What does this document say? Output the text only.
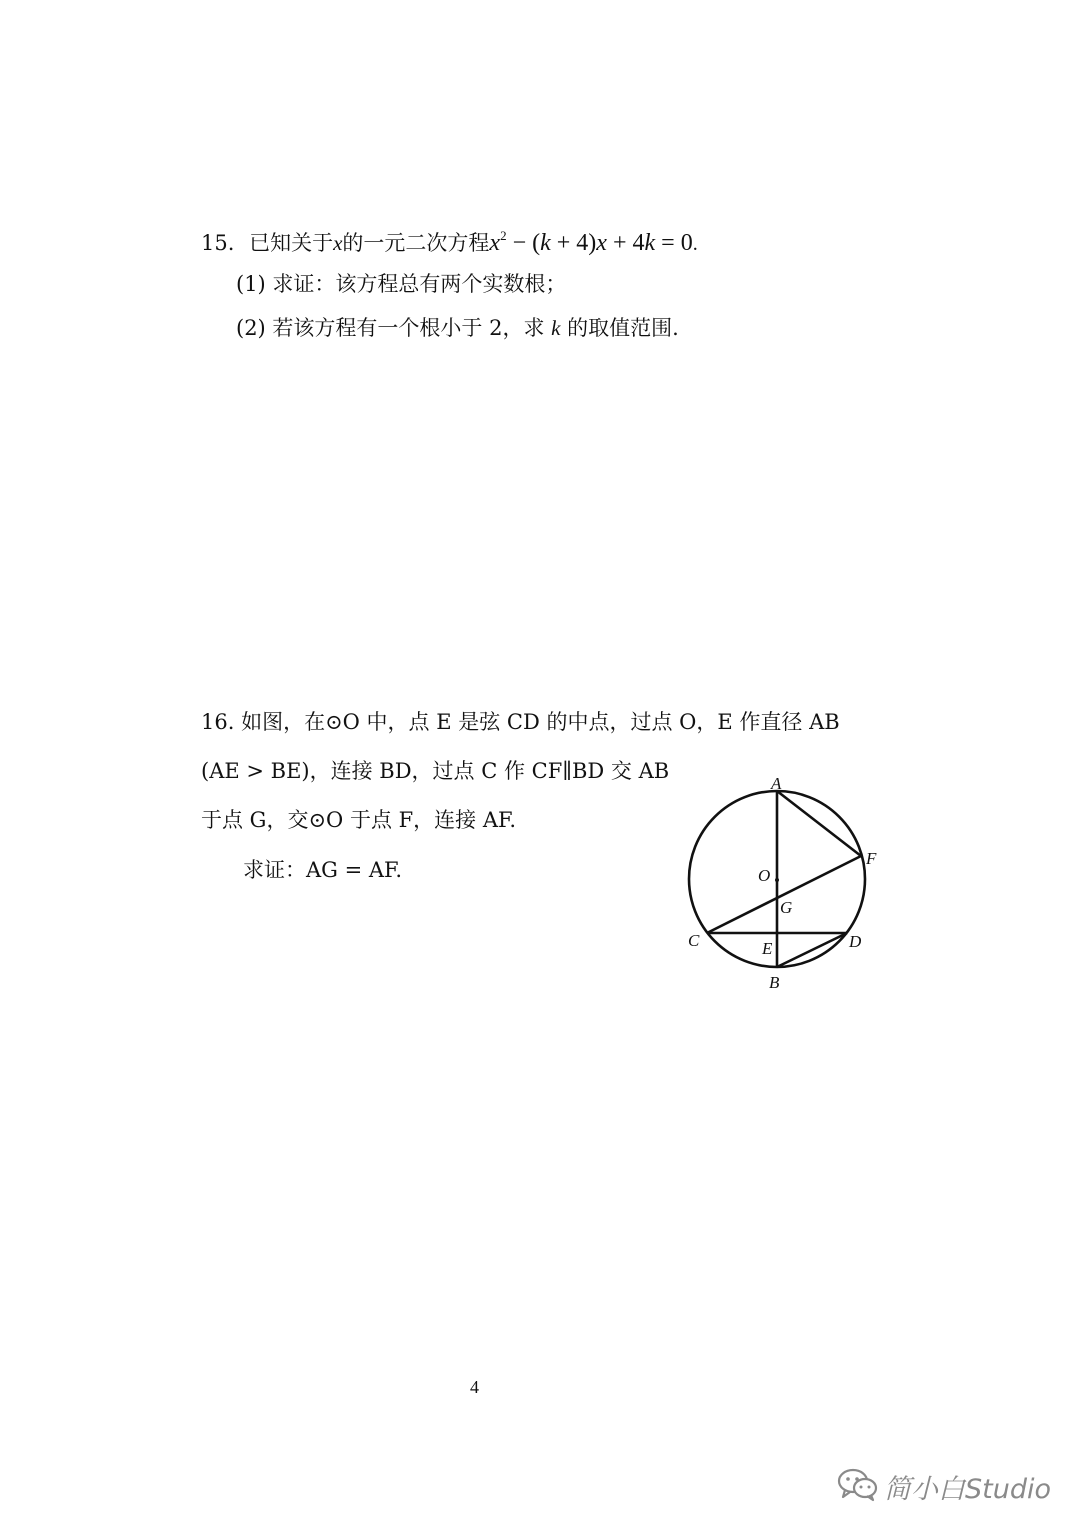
15. 已知关于x的一元二次方程$x^2 - (k + 4)x + 4k = 0$.
(1) 求证：该方程总有两个实数根；
(2) 若该方程有一个根小于 2，求 k 的取值范围.
16. 如图，在⊙O 中，点 E 是弦 CD 的中点，过点 O，E 作直径 AB
(AE > BE)，连接 BD，过点 C 作 CF∥BD 交 AB
于点 G，交⊙O 于点 F，连接 AF.
求证：AG = AF.
A
B
C	D
E
F
G
O
4
简小白Studio
